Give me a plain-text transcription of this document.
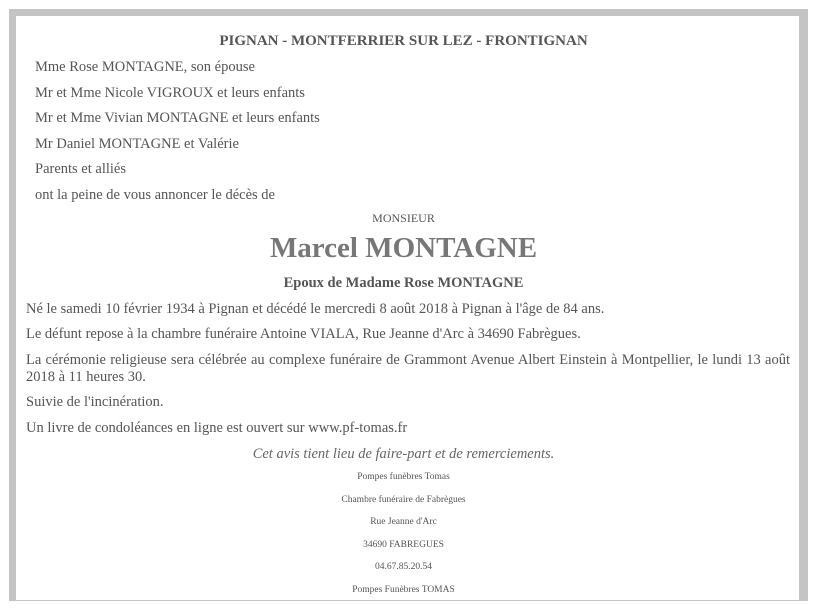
PIGNAN - MONTFERRIER SUR LEZ - FRONTIGNAN
Mme Rose MONTAGNE, son épouse
Mr et Mme Nicole VIGROUX et leurs enfants
Mr et Mme Vivian MONTAGNE et leurs enfants
Mr Daniel MONTAGNE et Valérie
Parents et alliés
ont la peine de vous annoncer le décès de
MONSIEUR
Marcel MONTAGNE
Epoux de Madame Rose MONTAGNE
Né le samedi 10 février 1934 à Pignan et décédé le mercredi 8 août 2018 à Pignan à l'âge de 84 ans.
Le défunt repose à la chambre funéraire Antoine VIALA, Rue Jeanne d'Arc à 34690 Fabrègues.
La cérémonie religieuse sera célébrée au complexe funéraire de Grammont Avenue Albert Einstein à Montpellier, le lundi 13 août 2018 à 11 heures 30.
Suivie de l'incinération.
Un livre de condoléances en ligne est ouvert sur www.pf-tomas.fr
Cet avis tient lieu de faire-part et de remerciements.
Pompes funèbres Tomas
Chambre funéraire de Fabrègues
Rue Jeanne d'Arc
34690 FABREGUES
04.67.85.20.54
Pompes Funèbres TOMAS
